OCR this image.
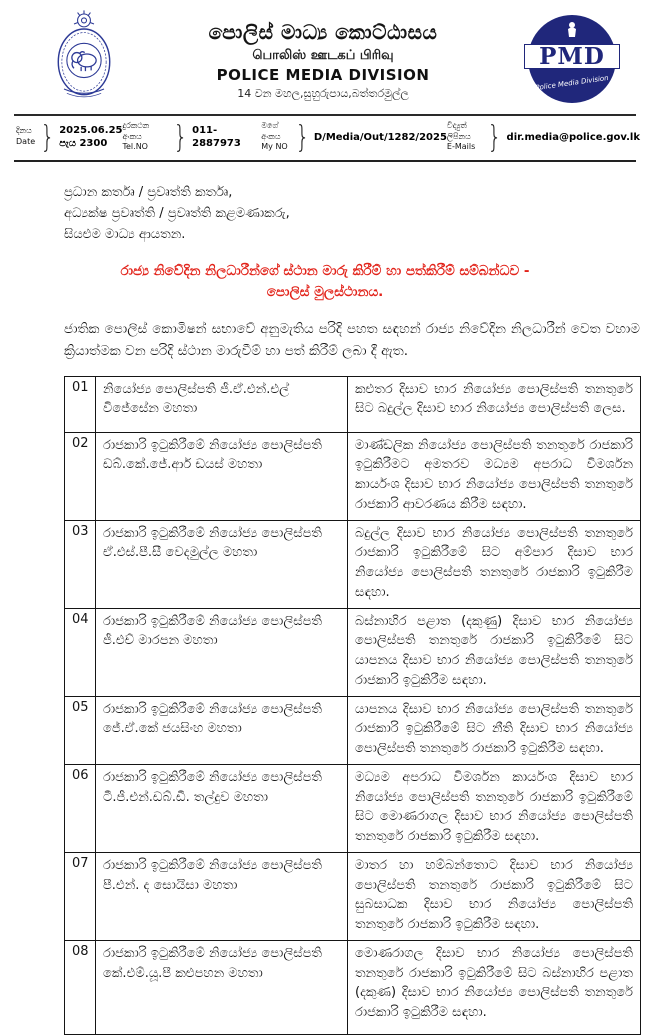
පොලිස් මාධ්‍ය කොට්ඨාසය
பொலிஸ் ஊடகப் பிரிவு
POLICE MEDIA DIVISION
14 වන මහල,සුහුරුපාය,බත්තරමුල්ල
PMD
Police Media Division
දිනය
Date } 2025.06.25
පැය 2300
දුරකථන අංකය
Tel.NO } 011-2887973
මගේ අංකය
My NO } D/Media/Out/1282/2025
විද්‍යුත් ලිපිනය
E-Mails } dir.media@police.gov.lk
ප්‍රධාන කර්තෘ / ප්‍රවෘත්ති කර්තෘ,
අධ්‍යක්ෂ ප්‍රවෘත්ති / ප්‍රවෘත්ති කළමණාකරු,
සියළුම මාධ්‍ය ආයතන.
රාජ්‍ය නිවේදින නිලධාරීන්ගේ ස්ථාන මාරු කිරීම් හා පත්කිරීම් සම්බන්ධව -
පොලිස් මුලස්ථානය.
ජාතික පොලිස් කොමිෂන් සභාවේ අනුමැතිය පරිදි පහත සඳහන් රාජ්‍ය නිවේදින නිලධාරීන් වෙත වහාම ක්‍රියාත්මක වන පරිදි ස්ථාන මාරුවීම් හා පත් කිරීම් ලබා දී ඇත.
01	නියෝජ්‍ය පොලිස්පති ජී.ඒ.එන්.එල් විජේසේන මහතා	කළුතර දිසාව භාර නියෝජ්‍ය පොලිස්පති තනතුරේ සිට බදුල්ල දිසාව භාර නියෝජ්‍ය පොලිස්පති ලෙස.
02	රාජකාරි ඉටුකිරීමේ නියෝජ්‍ය පොලිස්පති ඩබ්.කේ.ජේ.ආර් ඩයස් මහතා	මාණ්ඩලික නියෝජ්‍ය පොලිස්පති තනතුරේ රාජකාරි ඉටුකිරීමට අමතරව මධ්‍යම අපරාධ විමර්ශන කාර්යංශ දිසාව භාර නියෝජ්‍ය පොලිස්පති තනතුරේ රාජකාරි ආවරණය කිරීම සඳහා.
03	රාජකාරි ඉටුකිරීමේ නියෝජ්‍ය පොලිස්පති ඒ.එස්.පී.සී වෙදමුල්ල මහතා	බදුල්ල දිසාව භාර නියෝජ්‍ය පොලිස්පති තනතුරේ රාජකාරි ඉටුකිරීමේ සිට අම්පාර දිසාව භාර නියෝජ්‍ය පොලිස්පති තනතුරේ රාජකාරි ඉටුකිරීම සඳහා.
04	රාජකාරි ඉටුකිරීමේ නියෝජ්‍ය පොලිස්පති ජී.එච් මාරපන මහතා	බස්නාහිර පළාත (දකුණු) දිසාව භාර නියෝජ්‍ය පොලිස්පති තනතුරේ රාජකාරි ඉටුකිරීමේ සිට යාපනය දිසාව භාර නියෝජ්‍ය පොලිස්පති තනතුරේ රාජකාරි ඉටුකිරීම සඳහා.
05	රාජකාරි ඉටුකිරීමේ නියෝජ්‍ය පොලිස්පති ජේ.ඒ.කේ ජයසිංහ මහතා	යාපනය දිසාව භාර නියෝජ්‍ය පොලිස්පති තනතුරේ රාජකාරි ඉටුකිරීමේ සිට නීති දිසාව භාර නියෝජ්‍ය පොලිස්පති තනතුරේ රාජකාරි ඉටුකිරීම සඳහා.
06	රාජකාරි ඉටුකිරීමේ නියෝජ්‍ය පොලිස්පති ටී.ජී.එන්.ඩබ්.ඩී. තල්දුව මහතා	මධ්‍යම අපරාධ විමර්ශන කාර්යංශ දිසාව භාර නියෝජ්‍ය පොලිස්පති තනතුරේ රාජකාරි ඉටුකිරීමේ සිට මොණරාගල දිසාව භාර නියෝජ්‍ය පොලිස්පති තනතුරේ රාජකාරි ඉටුකිරීම සඳහා.
07	රාජකාරි ඉටුකිරීමේ නියෝජ්‍ය පොලිස්පති පී.එන්. ද සොයිසා මහතා	මාතර හා හම්බන්තොට දිසාව භාර නියෝජ්‍ය පොලිස්පති තනතුරේ රාජකාරි ඉටුකිරීමේ සිට සුබසාධක දිසාව භාර නියෝජ්‍ය පොලිස්පති තනතුරේ රාජකාරි ඉටුකිරීම සඳහා.
08	රාජකාරි ඉටුකිරීමේ නියෝජ්‍ය පොලිස්පති කේ.එම්.යූ.පී කළුපහන මහතා	මොණරාගල දිසාව භාර නියෝජ්‍ය පොලිස්පති තනතුරේ රාජකාරි ඉටුකිරීමේ සිට බස්නාහිර පළාත (දකුණ) දිසාව භාර නියෝජ්‍ය පොලිස්පති තනතුරේ රාජකාරි ඉටුකිරීම සඳහා.
